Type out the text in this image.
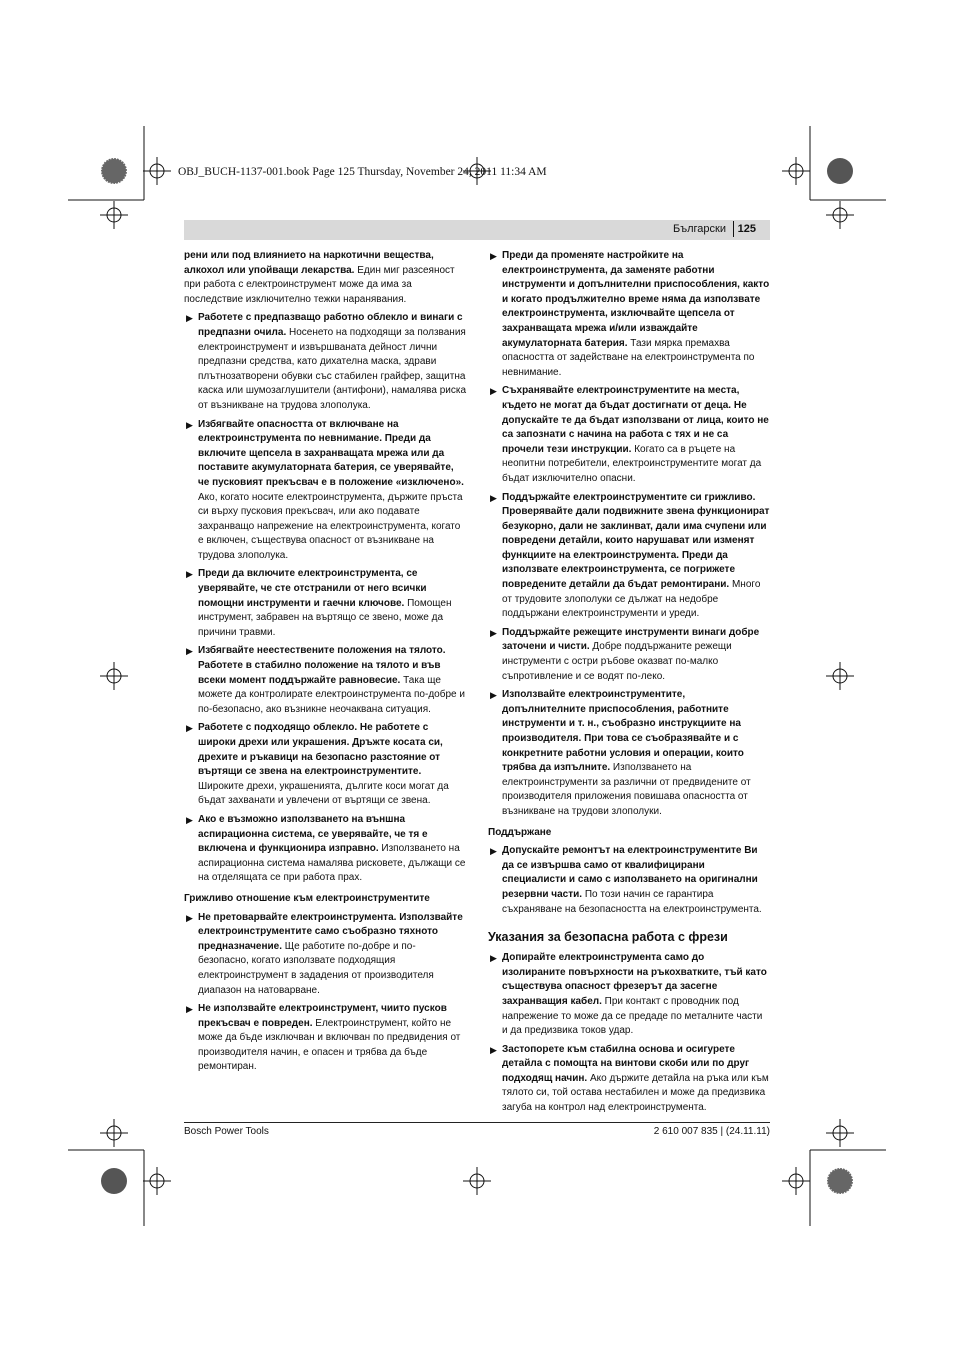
OBJ_BUCH-1137-001.book Page 125 Thursday, November 24, 2011 11:34 AM
Български 125

рени или под влиянието на наркотични вещества, алкохол или упойващи лекарства. Един миг разсеяност при работа с електроинструмент може да има за последствие изключително тежки наранявания.

▶ Работете с предпазващо работно облекло и винаги с предпазни очила. Носенето на подходящи за ползвания електроинструмент и извършваната дейност лични предпазни средства, като дихателна маска, здрави плътнозатворени обувки със стабилен грайфер, защитна каска или шумозаглушители (антифони), намалява риска от възникване на трудова злополука.
▶ Избягвайте опасността от включване на електроинструмента по невнимание. Преди да включите щепсела в захранващата мрежа или да поставите акумулаторната батерия, се уверявайте, че пусковият прекъсвач е в положение «изключено». Ако, когато носите електроинструмента, държите пръста си върху пусковия прекъсвач, или ако подавате захранващо напрежение на електроинструмента, когато е включен, съществува опасност от възникване на трудова злополука.
▶ Преди да включите електроинструмента, се уверявайте, че сте отстранили от него всички помощни инструменти и гаечни ключове. Помощен инструмент, забравен на въртящо се звено, може да причини травми.
▶ Избягвайте неестествените положения на тялото. Работете в стабилно положение на тялото и във всеки момент поддържайте равновесие. Така ще можете да контролирате електроинструмента по-добре и по-безопасно, ако възникне неочаквана ситуация.
▶ Работете с подходящо облекло. Не работете с широки дрехи или украшения. Дръжте косата си, дрехите и ръкавици на безопасно разстояние от въртящи се звена на електроинструментите. Широките дрехи, украшенията, дългите коси могат да бъдат захванати и увлечени от въртящи се звена.
▶ Ако е възможно използването на външна аспирационна система, се уверявайте, че тя е включена и функционира изправно. Използването на аспирационна система намалява рисковете, дължащи се на отделящата се при работа прах.
Грижливо отношение към електроинструментите
▶ Не претоварвайте електроинструмента. Използвайте електроинструментите само съобразно тяхното предназначение. Ще работите по-добре и по-безопасно, когато използвате подходящия електроинструмент в зададения от производителя диапазон на натоварване.
▶ Не използвайте електроинструмент, чиито пусков прекъсвач е повреден. Електроинструмент, който не може да бъде изключван и включван по предвидения от производителя начин, е опасен и трябва да бъде ремонтиран.
▶ Преди да променяте настройките на електроинструмента, да заменяте работни инструменти и допълнителни приспособления, както и когато продължително време няма да използвате електроинструмента, изключвайте щепсела от захранващата мрежа и/или изваждайте акумулаторната батерия. Тази мярка премахва опасността от задействане на електроинструмента по невнимание.
▶ Съхранявайте електроинструментите на места, където не могат да бъдат достигнати от деца. Не допускайте те да бъдат използвани от лица, които не са запознати с начина на работа с тях и не са прочели тези инструкции. Когато са в ръцете на неопитни потребители, електроинструментите могат да бъдат изключително опасни.
▶ Поддържайте електроинструментите си грижливо. Проверявайте дали подвижните звена функционират безукорно, дали не заклинват, дали има счупени или повредени детайли, които нарушават или изменят функциите на електроинструмента. Преди да използвате електроинструмента, се погрижете повредените детайли да бъдат ремонтирани. Много от трудовите злополуки се дължат на недобре поддържани електроинструменти и уреди.
▶ Поддържайте режещите инструменти винаги добре заточени и чисти. Добре поддържаните режещи инструменти с остри ръбове оказват по-малко съпротивление и се водят по-леко.
▶ Използвайте електроинструментите, допълнителните приспособления, работните инструменти и т. н., съобразно инструкциите на производителя. При това се съобразявайте и с конкретните работни условия и операции, които трябва да изпълните. Използването на електроинструменти за различни от предвидените от производителя приложения повишава опасността от възникване на трудови злополуки.
Поддържане
▶ Допускайте ремонтът на електроинструментите Ви да се извършва само от квалифицирани специалисти и само с използването на оригинални резервни части. По този начин се гарантира съхраняване на безопасността на електроинструмента.
Указания за безопасна работа с фрези
▶ Допирайте електроинструмента само до изолираните повърхности на ръкохватките, тъй като съществува опасност фрезерът да засегне захранващия кабел. При контакт с проводник под напрежение то може да се предаде по металните части и да предизвика токов удар.
▶ Застопорете към стабилна основа и осигурете детайла с помощта на винтови скоби или по друг подходящ начин. Ако държите детайла на ръка или към тялото си, той остава нестабилен и може да предизвика загуба на контрол над електроинструмента.
Bosch Power Tools	2 610 007 835 | (24.11.11)
